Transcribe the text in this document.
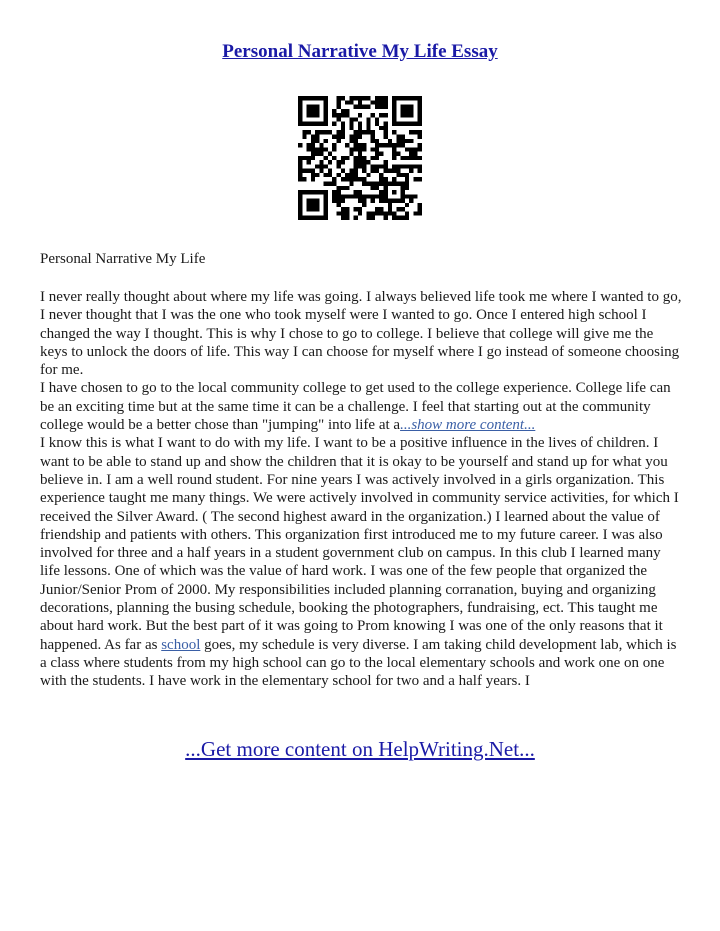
Personal Narrative My Life Essay
Personal Narrative My Life
I never really thought about where my life was going. I always believed life took me where I wanted to go, I never thought that I was the one who took myself were I wanted to go. Once I entered high school I changed the way I thought. This is why I chose to go to college. I believe that college will give me the keys to unlock the doors of life. This way I can choose for myself where I go instead of someone choosing for me.
I have chosen to go to the local community college to get used to the college experience. College life can be an exciting time but at the same time it can be a challenge. I feel that starting out at the community college would be a better chose than "jumping" into life at a...show more content...
I know this is what I want to do with my life. I want to be a positive influence in the lives of children. I want to be able to stand up and show the children that it is okay to be yourself and stand up for what you believe in. I am a well round student. For nine years I was actively involved in a girls organization. This experience taught me many things. We were actively involved in community service activities, for which I received the Silver Award. ( The second highest award in the organization.) I learned about the value of friendship and patients with others. This organization first introduced me to my future career. I was also involved for three and a half years in a student government club on campus. In this club I learned many life lessons. One of which was the value of hard work. I was one of the few people that organized the Junior/Senior Prom of 2000. My responsibilities included planning corranation, buying and organizing decorations, planning the busing schedule, booking the photographers, fundraising, ect. This taught me about hard work. But the best part of it was going to Prom knowing I was one of the only reasons that it happened. As far as school goes, my schedule is very diverse. I am taking child development lab, which is a class where students from my high school can go to the local elementary schools and work one on one with the students. I have work in the elementary school for two and a half years. I
...Get more content on HelpWriting.Net...
